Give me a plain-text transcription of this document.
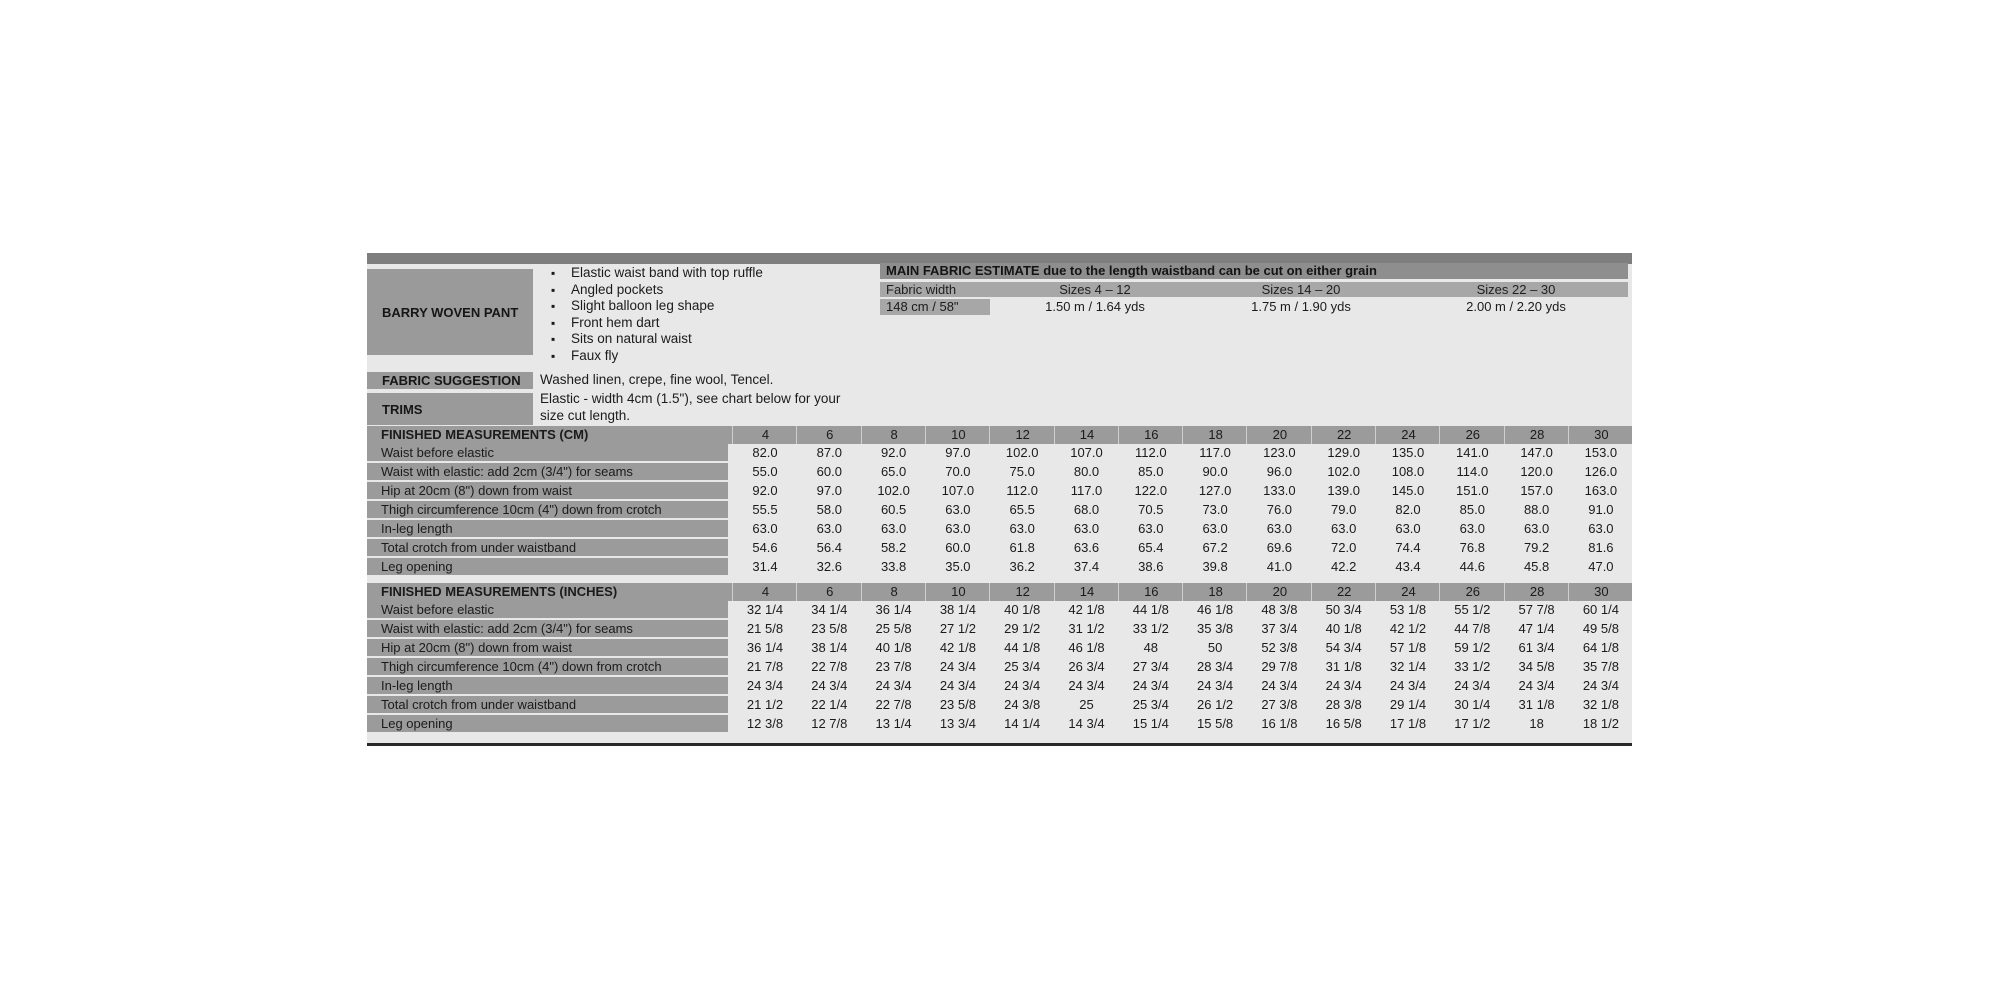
BARRY WOVEN PANT
▪ Elastic waist band with top ruffle
▪ Angled pockets
▪ Slight balloon leg shape
▪ Front hem dart
▪ Sits on natural waist
▪ Faux fly
FABRIC SUGGESTION	Washed linen, crepe, fine wool, Tencel.
TRIMS
Elastic - width 4cm (1.5"), see chart below for your size cut length.
MAIN FABRIC ESTIMATE due to the length waistband can be cut on either grain
Fabric width	Sizes 4 – 12	Sizes 14 – 20	Sizes 22 – 30
148 cm / 58"	1.50 m / 1.64 yds	1.75 m / 1.90 yds	2.00 m / 2.20 yds
FINISHED MEASUREMENTS (CM)	4	6	8	10	12	14	16	18	20	22	24	26	28	30
Waist before elastic	82.0	87.0	92.0	97.0	102.0	107.0	112.0	117.0	123.0	129.0	135.0	141.0	147.0	153.0
Waist with elastic: add 2cm (3/4") for seams	55.0	60.0	65.0	70.0	75.0	80.0	85.0	90.0	96.0	102.0	108.0	114.0	120.0	126.0
Hip at 20cm (8") down from waist	92.0	97.0	102.0	107.0	112.0	117.0	122.0	127.0	133.0	139.0	145.0	151.0	157.0	163.0
Thigh circumference 10cm (4") down from crotch	55.5	58.0	60.5	63.0	65.5	68.0	70.5	73.0	76.0	79.0	82.0	85.0	88.0	91.0
In-leg length	63.0	63.0	63.0	63.0	63.0	63.0	63.0	63.0	63.0	63.0	63.0	63.0	63.0	63.0
Total crotch from under waistband	54.6	56.4	58.2	60.0	61.8	63.6	65.4	67.2	69.6	72.0	74.4	76.8	79.2	81.6
Leg opening	31.4	32.6	33.8	35.0	36.2	37.4	38.6	39.8	41.0	42.2	43.4	44.6	45.8	47.0
FINISHED MEASUREMENTS (INCHES)	4	6	8	10	12	14	16	18	20	22	24	26	28	30
Waist before elastic	32 1/4	34 1/4	36 1/4	38 1/4	40 1/8	42 1/8	44 1/8	46 1/8	48 3/8	50 3/4	53 1/8	55 1/2	57 7/8	60 1/4
Waist with elastic: add 2cm (3/4") for seams	21 5/8	23 5/8	25 5/8	27 1/2	29 1/2	31 1/2	33 1/2	35 3/8	37 3/4	40 1/8	42 1/2	44 7/8	47 1/4	49 5/8
Hip at 20cm (8") down from waist	36 1/4	38 1/4	40 1/8	42 1/8	44 1/8	46 1/8	48	50	52 3/8	54 3/4	57 1/8	59 1/2	61 3/4	64 1/8
Thigh circumference 10cm (4") down from crotch	21 7/8	22 7/8	23 7/8	24 3/4	25 3/4	26 3/4	27 3/4	28 3/4	29 7/8	31 1/8	32 1/4	33 1/2	34 5/8	35 7/8
In-leg length	24 3/4	24 3/4	24 3/4	24 3/4	24 3/4	24 3/4	24 3/4	24 3/4	24 3/4	24 3/4	24 3/4	24 3/4	24 3/4	24 3/4
Total crotch from under waistband	21 1/2	22 1/4	22 7/8	23 5/8	24 3/8	25	25 3/4	26 1/2	27 3/8	28 3/8	29 1/4	30 1/4	31 1/8	32 1/8
Leg opening	12 3/8	12 7/8	13 1/4	13 3/4	14 1/4	14 3/4	15 1/4	15 5/8	16 1/8	16 5/8	17 1/8	17 1/2	18	18 1/2
